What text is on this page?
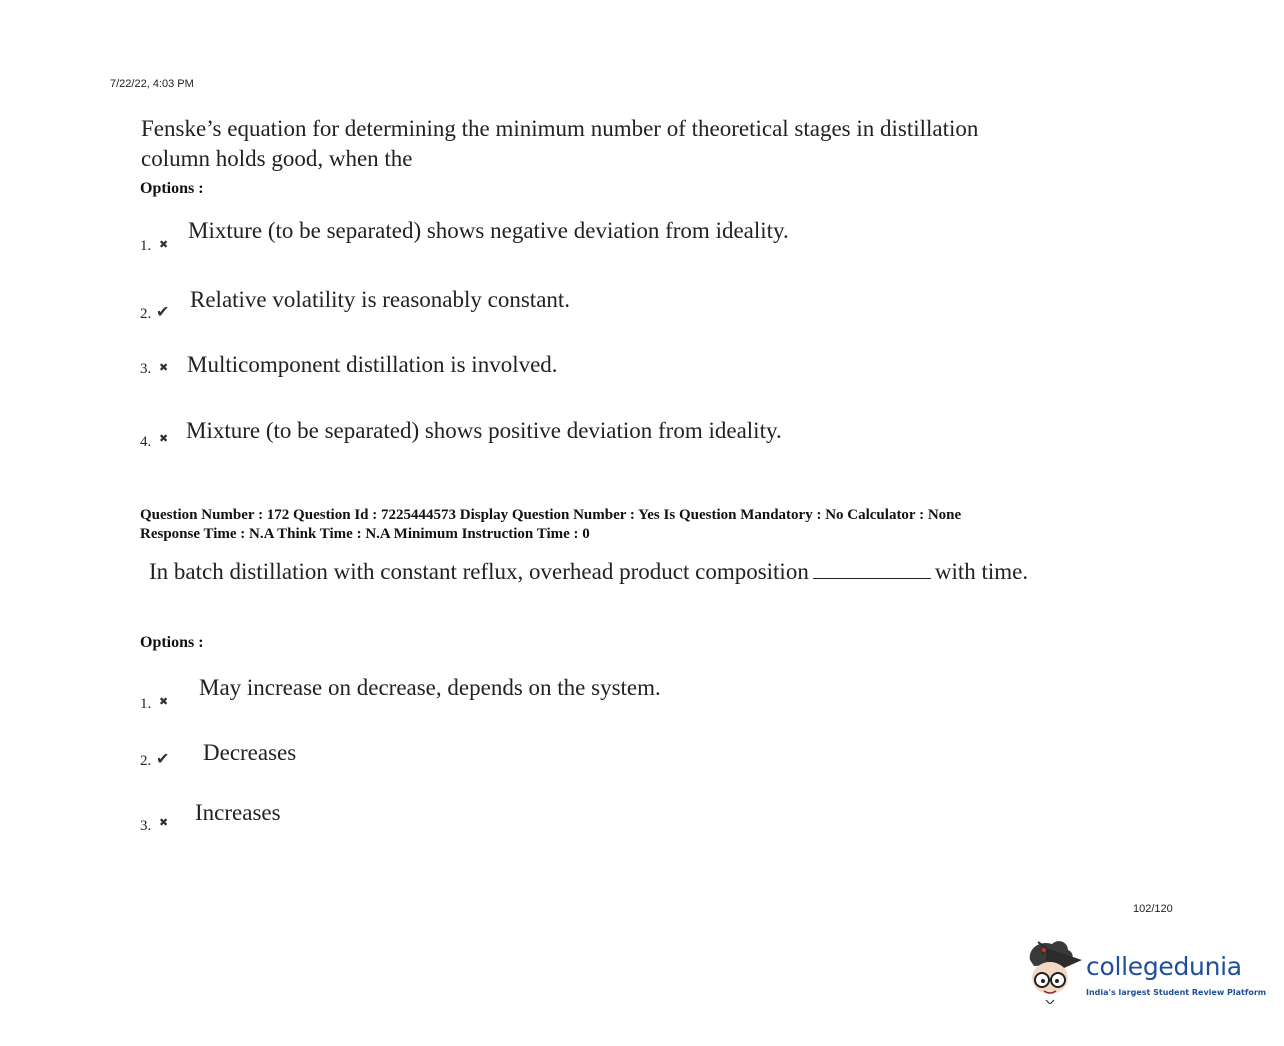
7/22/22, 4:03 PM
Fenske’s equation for determining the minimum number of theoretical stages in distillation column holds good, when the
Options :
1. ✖
Mixture (to be separated) shows negative deviation from ideality.
2. ✔ Relative volatility is reasonably constant.
3. ✖ Multicomponent distillation is involved.
4. ✖ Mixture (to be separated) shows positive deviation from ideality.
Question Number : 172 Question Id : 7225444573 Display Question Number : Yes Is Question Mandatory : No Calculator : None
Response Time : N.A Think Time : N.A Minimum Instruction Time : 0
In batch distillation with constant reflux, overhead product composition	with time.
Options :
1. ✖
May increase on decrease, depends on the system.
2. ✔ Decreases
3. ✖ Increases
102/120
collegedunia
India's largest Student Review Platform
